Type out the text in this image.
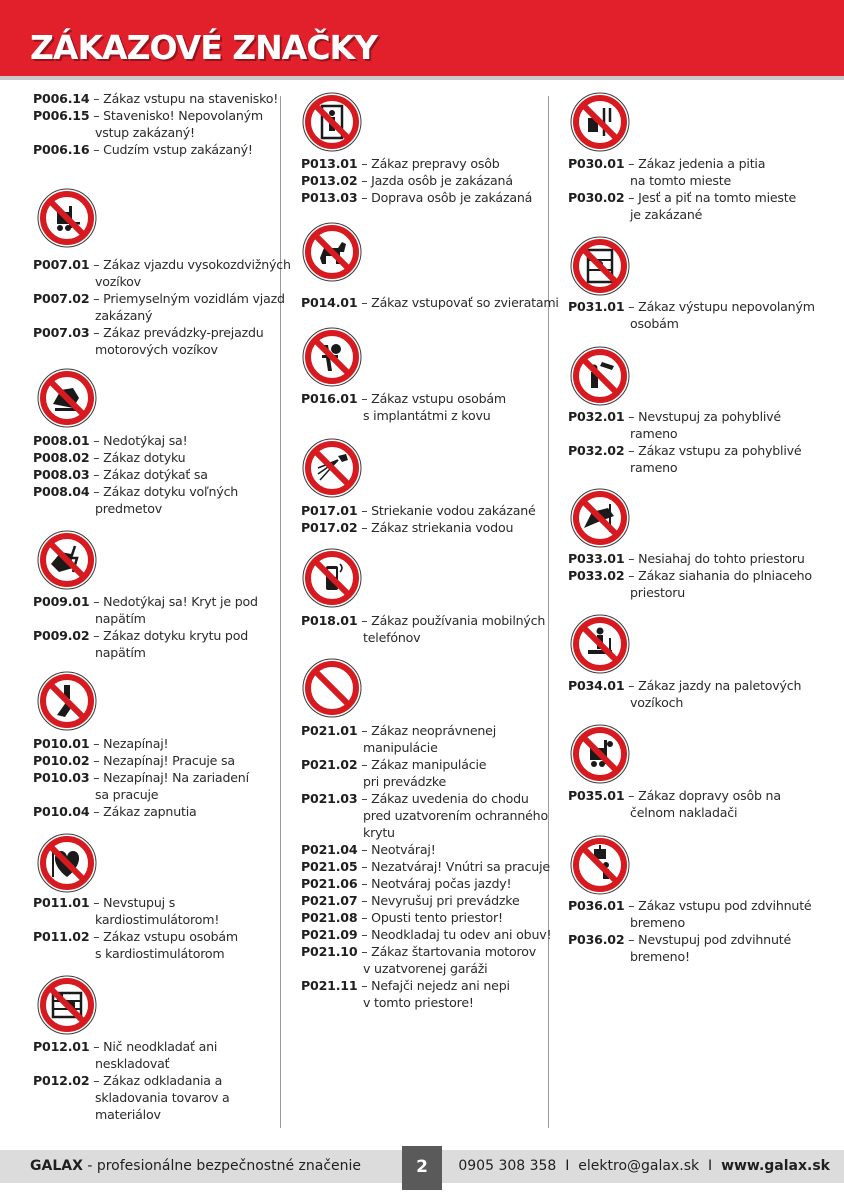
ZÁKAZOVÉ ZNAČKY
P006.14 – Zákaz vstupu na stavenisko!
P006.15 – Stavenisko! Nepovolaným
vstup zakázaný!
P006.16 – Cudzím vstup zakázaný!
P007.01 – Zákaz vjazdu vysokozdvižných
vozíkov
P007.02 – Priemyselným vozidlám vjazd
zakázaný
P007.03 – Zákaz prevádzky-prejazdu
motorových vozíkov
P008.01 – Nedotýkaj sa!
P008.02 – Zákaz dotyku
P008.03 – Zákaz dotýkať sa
P008.04 – Zákaz dotyku voľných
predmetov
P009.01 – Nedotýkaj sa! Kryt je pod
napätím
P009.02 – Zákaz dotyku krytu pod
napätím
P010.01 – Nezapínaj!
P010.02 – Nezapínaj! Pracuje sa
P010.03 – Nezapínaj! Na zariadení
sa pracuje
P010.04 – Zákaz zapnutia
P011.01 – Nevstupuj s
kardiostimulátorom!
P011.02 – Zákaz vstupu osobám
s kardiostimulátorom
P012.01 – Nič neodkladať ani
neskladovať
P012.02 – Zákaz odkladania a
skladovania tovarov a
materiálov
P013.01 – Zákaz prepravy osôb
P013.02 – Jazda osôb je zakázaná
P013.03 – Doprava osôb je zakázaná
P014.01 – Zákaz vstupovať so zvieratami
P016.01 – Zákaz vstupu osobám
s implantátmi z kovu
P017.01 – Striekanie vodou zakázané
P017.02 – Zákaz striekania vodou
P018.01 – Zákaz používania mobilných
telefónov
P021.01 – Zákaz neoprávnenej
manipulácie
P021.02 – Zákaz manipulácie
pri prevádzke
P021.03 – Zákaz uvedenia do chodu
pred uzatvorením ochranného
krytu
P021.04 – Neotváraj!
P021.05 – Nezatváraj! Vnútri sa pracuje
P021.06 – Neotváraj počas jazdy!
P021.07 – Nevyrušuj pri prevádzke
P021.08 – Opusti tento priestor!
P021.09 – Neodkladaj tu odev ani obuv!
P021.10 – Zákaz štartovania motorov
v uzatvorenej garáži
P021.11 – Nefajči nejedz ani nepi
v tomto priestore!
P030.01 – Zákaz jedenia a pitia
na tomto mieste
P030.02 – Jesť a piť na tomto mieste
je zakázané
P031.01 – Zákaz výstupu nepovolaným
osobám
P032.01 – Nevstupuj za pohyblivé
rameno
P032.02 – Zákaz vstupu za pohyblivé
rameno
P033.01 – Nesiahaj do tohto priestoru
P033.02 – Zákaz siahania do plniaceho
priestoru
P034.01 – Zákaz jazdy na paletových
vozíkoch
P035.01 – Zákaz dopravy osôb na
čelnom nakladači
P036.01 – Zákaz vstupu pod zdvihnuté
bremeno
P036.02 – Nevstupuj pod zdvihnuté
bremeno!
GALAX - profesionálne bezpečnostné značenie	2	0905 308 358 I elektro@galax.sk I www.galax.sk
